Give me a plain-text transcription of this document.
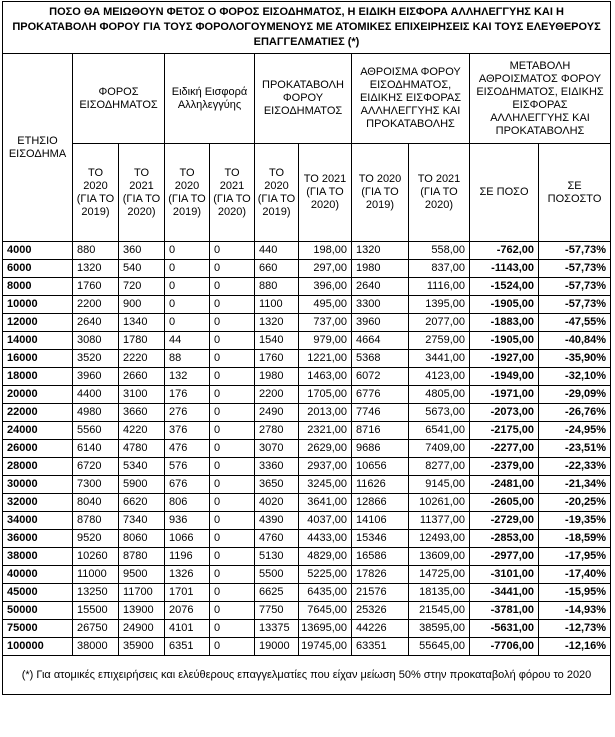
ΠΟΣΟ ΘΑ ΜΕΙΩΘΟΥΝ ΦΕΤΟΣ Ο ΦΟΡΟΣ ΕΙΣΟΔΗΜΑΤΟΣ, Η ΕΙΔΙΚΗ ΕΙΣΦΟΡΑ ΑΛΛΗΛΕΓΓΥΗΣ ΚΑΙ Η ΠΡΟΚΑΤΑΒΟΛΗ ΦΟΡΟΥ ΓΙΑ ΤΟΥΣ ΦΟΡΟΛΟΓΟΥΜΕΝΟΥΣ ΜΕ ΑΤΟΜΙΚΕΣ ΕΠΙΧΕΙΡΗΣΕΙΣ ΚΑΙ ΤΟΥΣ ΕΛΕΥΘΕΡΟΥΣ ΕΠΑΓΓΕΛΜΑΤΙΕΣ (*)										
ΕΤΗΣΙΟ ΕΙΣΟΔΗΜΑ	ΦΟΡΟΣ ΕΙΣΟΔΗΜΑΤΟΣ		Ειδική Εισφορά Αλληλεγγύης		ΠΡΟΚΑΤΑΒΟΛΗ ΦΟΡΟΥ ΕΙΣΟΔΗΜΑΤΟΣ		ΑΘΡΟΙΣΜΑ ΦΟΡΟΥ ΕΙΣΟΔΗΜΑΤΟΣ, ΕΙΔΙΚΗΣ ΕΙΣΦΟΡΑΣ ΑΛΛΗΛΕΓΓΥΗΣ ΚΑΙ ΠΡΟΚΑΤΑΒΟΛΗΣ		ΜΕΤΑΒΟΛΗ ΑΘΡΟΙΣΜΑΤΟΣ ΦΟΡΟΥ ΕΙΣΟΔΗΜΑΤΟΣ, ΕΙΔΙΚΗΣ ΕΙΣΦΟΡΑΣ ΑΛΛΗΛΕΓΓΥΗΣ ΚΑΙ ΠΡΟΚΑΤΑΒΟΛΗΣ	
	ΤΟ 2020 (ΓΙΑ ΤΟ 2019)	ΤΟ 2021 (ΓΙΑ ΤΟ 2020)	ΤΟ 2020 (ΓΙΑ ΤΟ 2019)	ΤΟ 2021 (ΓΙΑ ΤΟ 2020)	ΤΟ 2020 (ΓΙΑ ΤΟ 2019)	ΤΟ 2021 (ΓΙΑ ΤΟ 2020)	ΤΟ 2020 (ΓΙΑ ΤΟ 2019)	ΤΟ 2021 (ΓΙΑ ΤΟ 2020)	ΣΕ ΠΟΣΟ	ΣΕ ΠΟΣΟΣΤΟ
4000	880	360	0	0	440	198,00	1320	558,00	-762,00	-57,73%
6000	1320	540	0	0	660	297,00	1980	837,00	-1143,00	-57,73%
8000	1760	720	0	0	880	396,00	2640	1116,00	-1524,00	-57,73%
10000	2200	900	0	0	1100	495,00	3300	1395,00	-1905,00	-57,73%
12000	2640	1340	0	0	1320	737,00	3960	2077,00	-1883,00	-47,55%
14000	3080	1780	44	0	1540	979,00	4664	2759,00	-1905,00	-40,84%
16000	3520	2220	88	0	1760	1221,00	5368	3441,00	-1927,00	-35,90%
18000	3960	2660	132	0	1980	1463,00	6072	4123,00	-1949,00	-32,10%
20000	4400	3100	176	0	2200	1705,00	6776	4805,00	-1971,00	-29,09%
22000	4980	3660	276	0	2490	2013,00	7746	5673,00	-2073,00	-26,76%
24000	5560	4220	376	0	2780	2321,00	8716	6541,00	-2175,00	-24,95%
26000	6140	4780	476	0	3070	2629,00	9686	7409,00	-2277,00	-23,51%
28000	6720	5340	576	0	3360	2937,00	10656	8277,00	-2379,00	-22,33%
30000	7300	5900	676	0	3650	3245,00	11626	9145,00	-2481,00	-21,34%
32000	8040	6620	806	0	4020	3641,00	12866	10261,00	-2605,00	-20,25%
34000	8780	7340	936	0	4390	4037,00	14106	11377,00	-2729,00	-19,35%
36000	9520	8060	1066	0	4760	4433,00	15346	12493,00	-2853,00	-18,59%
38000	10260	8780	1196	0	5130	4829,00	16586	13609,00	-2977,00	-17,95%
40000	11000	9500	1326	0	5500	5225,00	17826	14725,00	-3101,00	-17,40%
45000	13250	11700	1701	0	6625	6435,00	21576	18135,00	-3441,00	-15,95%
50000	15500	13900	2076	0	7750	7645,00	25326	21545,00	-3781,00	-14,93%
75000	26750	24900	4101	0	13375	13695,00	44226	38595,00	-5631,00	-12,73%
100000	38000	35900	6351	0	19000	19745,00	63351	55645,00	-7706,00	-12,16%
(*) Για ατομικές επιχειρήσεις και ελεύθερους επαγγελματίες που είχαν μείωση 50% στην προκαταβολή φόρου το 2020										
